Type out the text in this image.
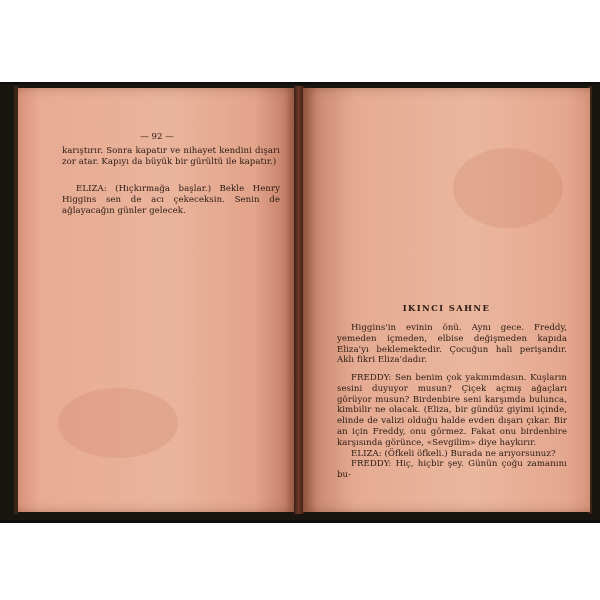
— 92 —

karıştırır. Sonra kapatır ve nihayet kendini dışarı zor atar. Kapıyı da büyük bir gürültü ile kapatır.)

ELIZA: (Hıçkırmağa başlar.) Bekle Henry Higgins sen de acı çekeceksin. Senin de ağlayacağın günler gelecek.

IKINCI SAHNE

Higgins'in evinin önü. Aynı gece. Freddy, yemeden içmeden, elbise değişmeden kapıda Eliza'yı beklemektedir. Çocuğun hali perişandır. Aklı fikri Eliza'dadır.

FREDDY: Sen benim çok yakınımdasın. Kuşların sesini duyuyor musun? Çiçek açmış ağaçları görüyor musun? Birdenbire seni karşımda bulunca, kimbilir ne olacak. (Eliza, bir gündüz giyimi içinde, elinde de valizi olduğu halde evden dışarı çıkar. Bir an için Freddy, onu görmez. Fakat onu birdenbire karşısında görünce, «Sevgilim» diye haykırır.

ELIZA: (Öfkeli öfkeli.) Burada ne arıyorsunuz?

FREDDY: Hiç, hiçbir şey. Günün çoğu zamanını bu-
